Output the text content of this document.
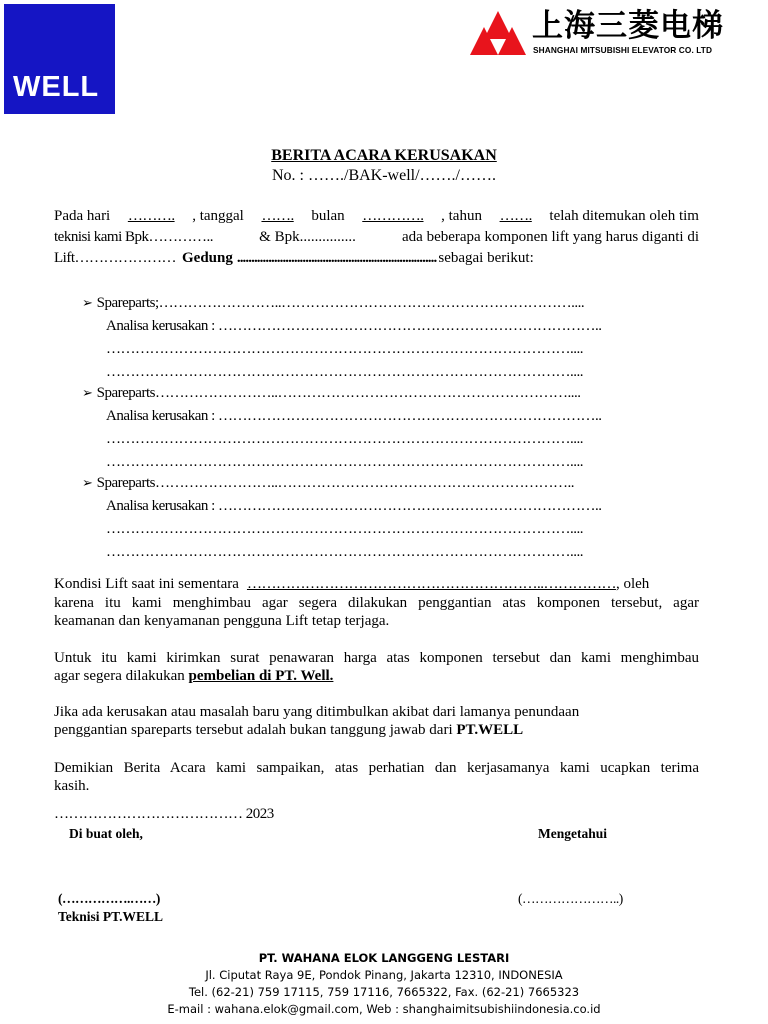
WELL
上海三菱电梯
SHANGHAI MITSUBISHI ELEVATOR CO. LTD
BERITA ACARA KERUSAKAN
No. : ……./BAK-well/……./…….
Pada hari ………. , tanggal ……. bulan …………. , tahun ……. telah ditemukan oleh tim
teknisi kami Bpk…………..	& Bpk...............	ada beberapa komponen lift yang harus diganti di
Lift………………… Gedung ...................................................................... sebagai berikut:
➢ Spareparts;……………………..……………………………………………………....
Analisa kerusakan : ……………………………………………………………………..
……………………………………………………………………………………....
……………………………………………………………………………………....
➢ Spareparts……………………..……………………………………………………....
Analisa kerusakan : ……………………………………………………………………..
……………………………………………………………………………………....
……………………………………………………………………………………....
➢ Spareparts……………………..……………………………………………………..
Analisa kerusakan : ……………………………………………………………………..
……………………………………………………………………………………....
……………………………………………………………………………………....
Kondisi Lift saat ini sementara ……………………………………………………..…………… , oleh
karena itu kami menghimbau agar segera dilakukan penggantian atas komponen tersebut, agar
keamanan dan kenyamanan pengguna Lift tetap terjaga.
Untuk itu kami kirimkan surat penawaran harga atas komponen tersebut dan kami menghimbau
agar segera dilakukan pembelian di PT. Well.
Jika ada kerusakan atau masalah baru yang ditimbulkan akibat dari lamanya penundaan
penggantian spareparts tersebut adalah bukan tanggung jawab dari PT.WELL
Demikian Berita Acara kami sampaikan, atas perhatian dan kerjasamanya kami ucapkan terima
kasih.
………………………………… 2023
Di buat oleh,	Mengetahui
(…………….……)
Teknisi PT.WELL
(…………………..)
PT. WAHANA ELOK LANGGENG LESTARI
Jl. Ciputat Raya 9E, Pondok Pinang, Jakarta 12310, INDONESIA
Tel. (62-21) 759 17115, 759 17116, 7665322, Fax. (62-21) 7665323
E-mail : wahana.elok@gmail.com, Web : shanghaimitsubishiindonesia.co.id
